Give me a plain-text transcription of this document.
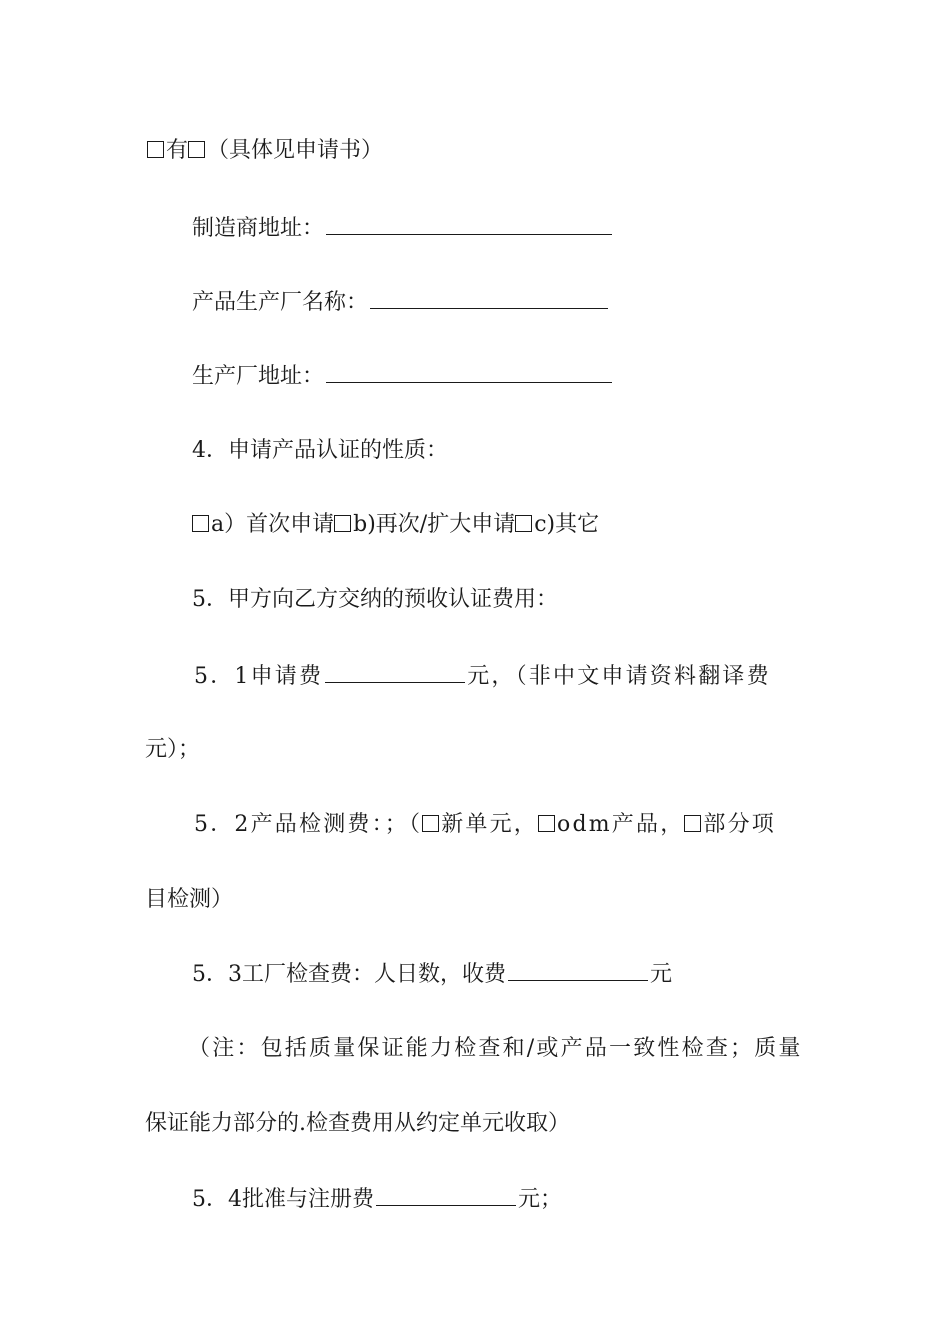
有 （具体见申请书）
制造商地址：
产品生产厂名称：
生产厂地址：
4．申请产品认证的性质：
a）首次申请 b)再次/扩大申请 c)其它
5．甲方向乙方交纳的预收认证费用：
5．1申请费	元，（非中文申请资料翻译费
元）；
5．2产品检测费：；（ 新单元， odm产品， 部分项
目检测）
5．3工厂检查费：人日数，收费	元
（注：包括质量保证能力检查和/或产品一致性检查；质量
保证能力部分的.检查费用从约定单元收取）
5．4批准与注册费	元；
